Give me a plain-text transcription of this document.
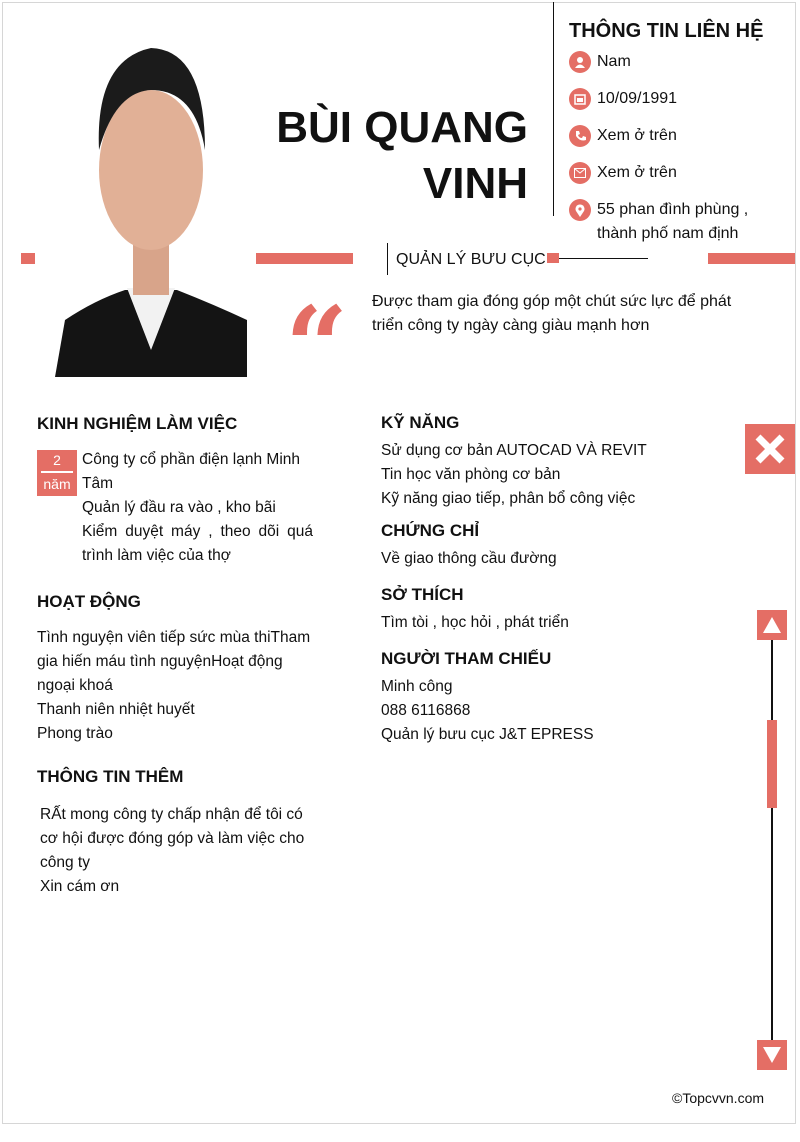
BÙI QUANG
VINH
THÔNG TIN LIÊN HỆ
Nam
10/09/1991
Xem ở trên
Xem ở trên
55 phan đình phùng ,
thành phố nam định
QUẢN LÝ BƯU CỤC
“ Được tham gia đóng góp một chút sức lực để phát triển công ty ngày càng giàu mạnh hơn
KINH NGHIỆM LÀM VIỆC
2
năm
Công ty cổ phần điện lạnh Minh Tâm
Quản lý đầu ra vào , kho bãi
Kiểm duyệt máy , theo dõi quá trình làm việc của thợ
HOẠT ĐỘNG
Tình nguyện viên tiếp sức mùa thiTham gia hiến máu tình nguyệnHoạt động ngoại khoá
Thanh niên nhiệt huyết
Phong trào
THÔNG TIN THÊM
RẤt mong công ty chấp nhận để tôi có cơ hội được đóng góp và làm việc cho công ty
Xin cám ơn
KỸ NĂNG
Sử dụng cơ bản AUTOCAD VÀ REVIT
Tin học văn phòng cơ bản
Kỹ năng giao tiếp, phân bổ công việc
CHỨNG CHỈ
Về giao thông cầu đường
SỞ THÍCH
Tìm tòi , học hỏi , phát triển
NGƯỜI THAM CHIẾU
Minh công
088 6116868
Quản lý bưu cục J&T EPRESS
©Topcvvn.com
